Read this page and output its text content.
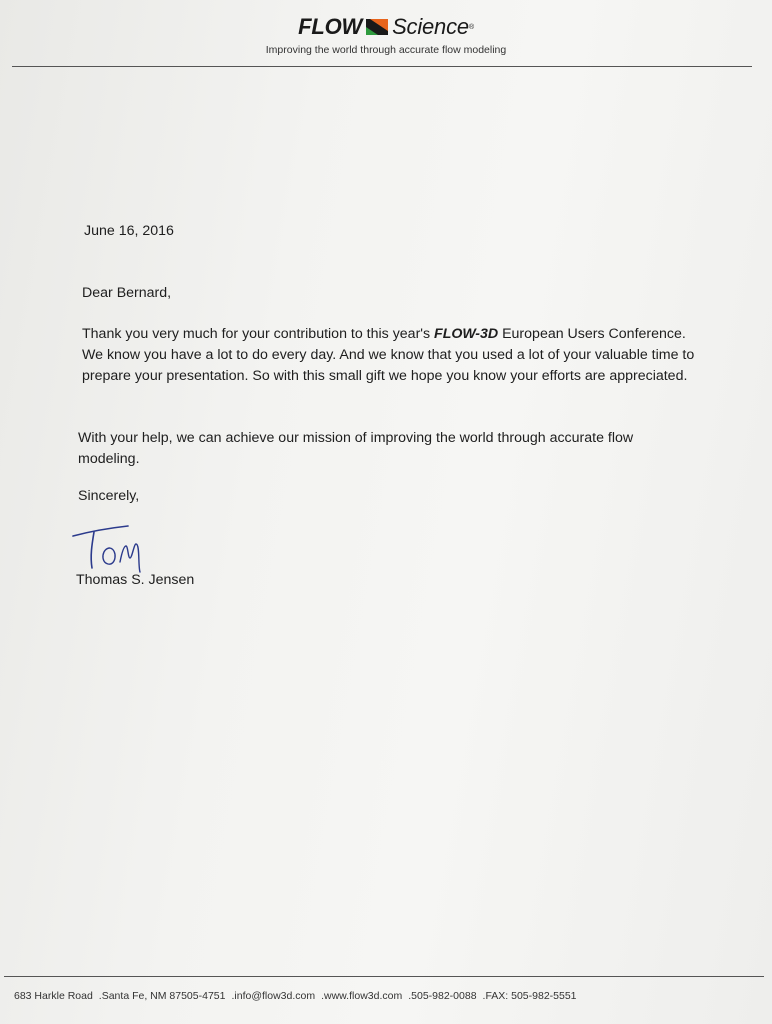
FLOW Science ®
Improving the world through accurate flow modeling
June 16, 2016
Dear Bernard,

Thank you very much for your contribution to this year's FLOW-3D European Users Conference. We know you have a lot to do every day. And we know that you used a lot of your valuable time to prepare your presentation. So with this small gift we hope you know your efforts are appreciated.

With your help, we can achieve our mission of improving the world through accurate flow modeling.

Sincerely,
Thomas S. Jensen
683 Harkle Road .Santa Fe, NM 87505-4751 .info@flow3d.com .www.flow3d.com .505-982-0088 .FAX: 505-982-5551
